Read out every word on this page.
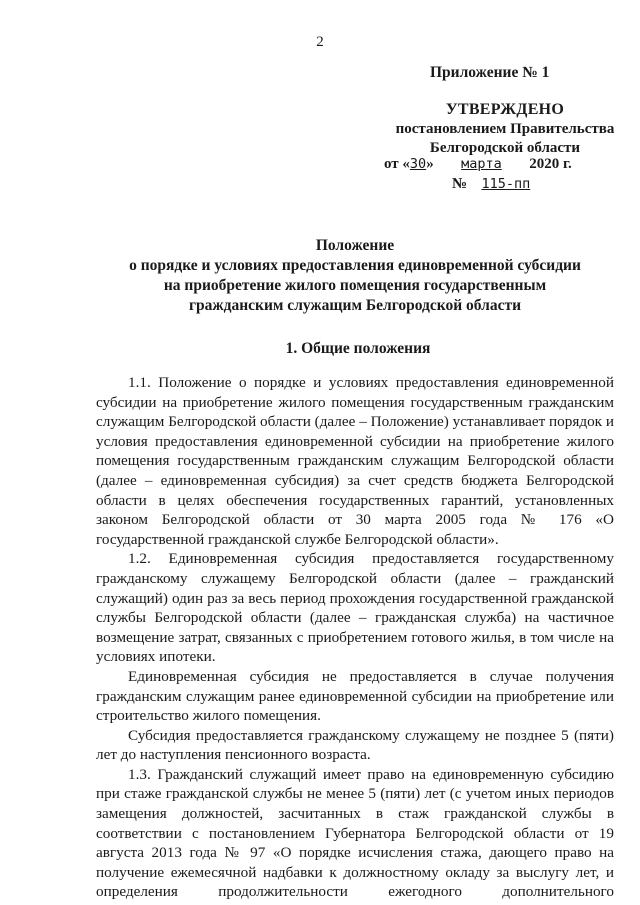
2
Приложение № 1
УТВЕРЖДЕНО
постановлением Правительства
Белгородской области
от «30» марта 2020 г.
№ 115-пп
Положение
о порядке и условиях предоставления единовременной субсидии
на приобретение жилого помещения государственным
гражданским служащим Белгородской области
1. Общие положения

1.1. Положение о порядке и условиях предоставления единовременной субсидии на приобретение жилого помещения государственным гражданским служащим Белгородской области (далее – Положение) устанавливает порядок и условия предоставления единовременной субсидии на приобретение жилого помещения государственным гражданским служащим Белгородской области (далее – единовременная субсидия) за счет средств бюджета Белгородской области в целях обеспечения государственных гарантий, установленных законом Белгородской области от 30 марта 2005 года № 176 «О государственной гражданской службе Белгородской области».

1.2. Единовременная субсидия предоставляется государственному гражданскому служащему Белгородской области (далее – гражданский служащий) один раз за весь период прохождения государственной гражданской службы Белгородской области (далее – гражданская служба) на частичное возмещение затрат, связанных с приобретением готового жилья, в том числе на условиях ипотеки.

Единовременная субсидия не предоставляется в случае получения гражданским служащим ранее единовременной субсидии на приобретение или строительство жилого помещения.

Субсидия предоставляется гражданскому служащему не позднее 5 (пяти) лет до наступления пенсионного возраста.

1.3. Гражданский служащий имеет право на единовременную субсидию при стаже гражданской службы не менее 5 (пяти) лет (с учетом иных периодов замещения должностей, засчитанных в стаж гражданской службы в соответствии с постановлением Губернатора Белгородской области от 19 августа 2013 года № 97 «О порядке исчисления стажа, дающего право на получение ежемесячной надбавки к должностному окладу за выслугу лет, и определения продолжительности ежегодного дополнительного
